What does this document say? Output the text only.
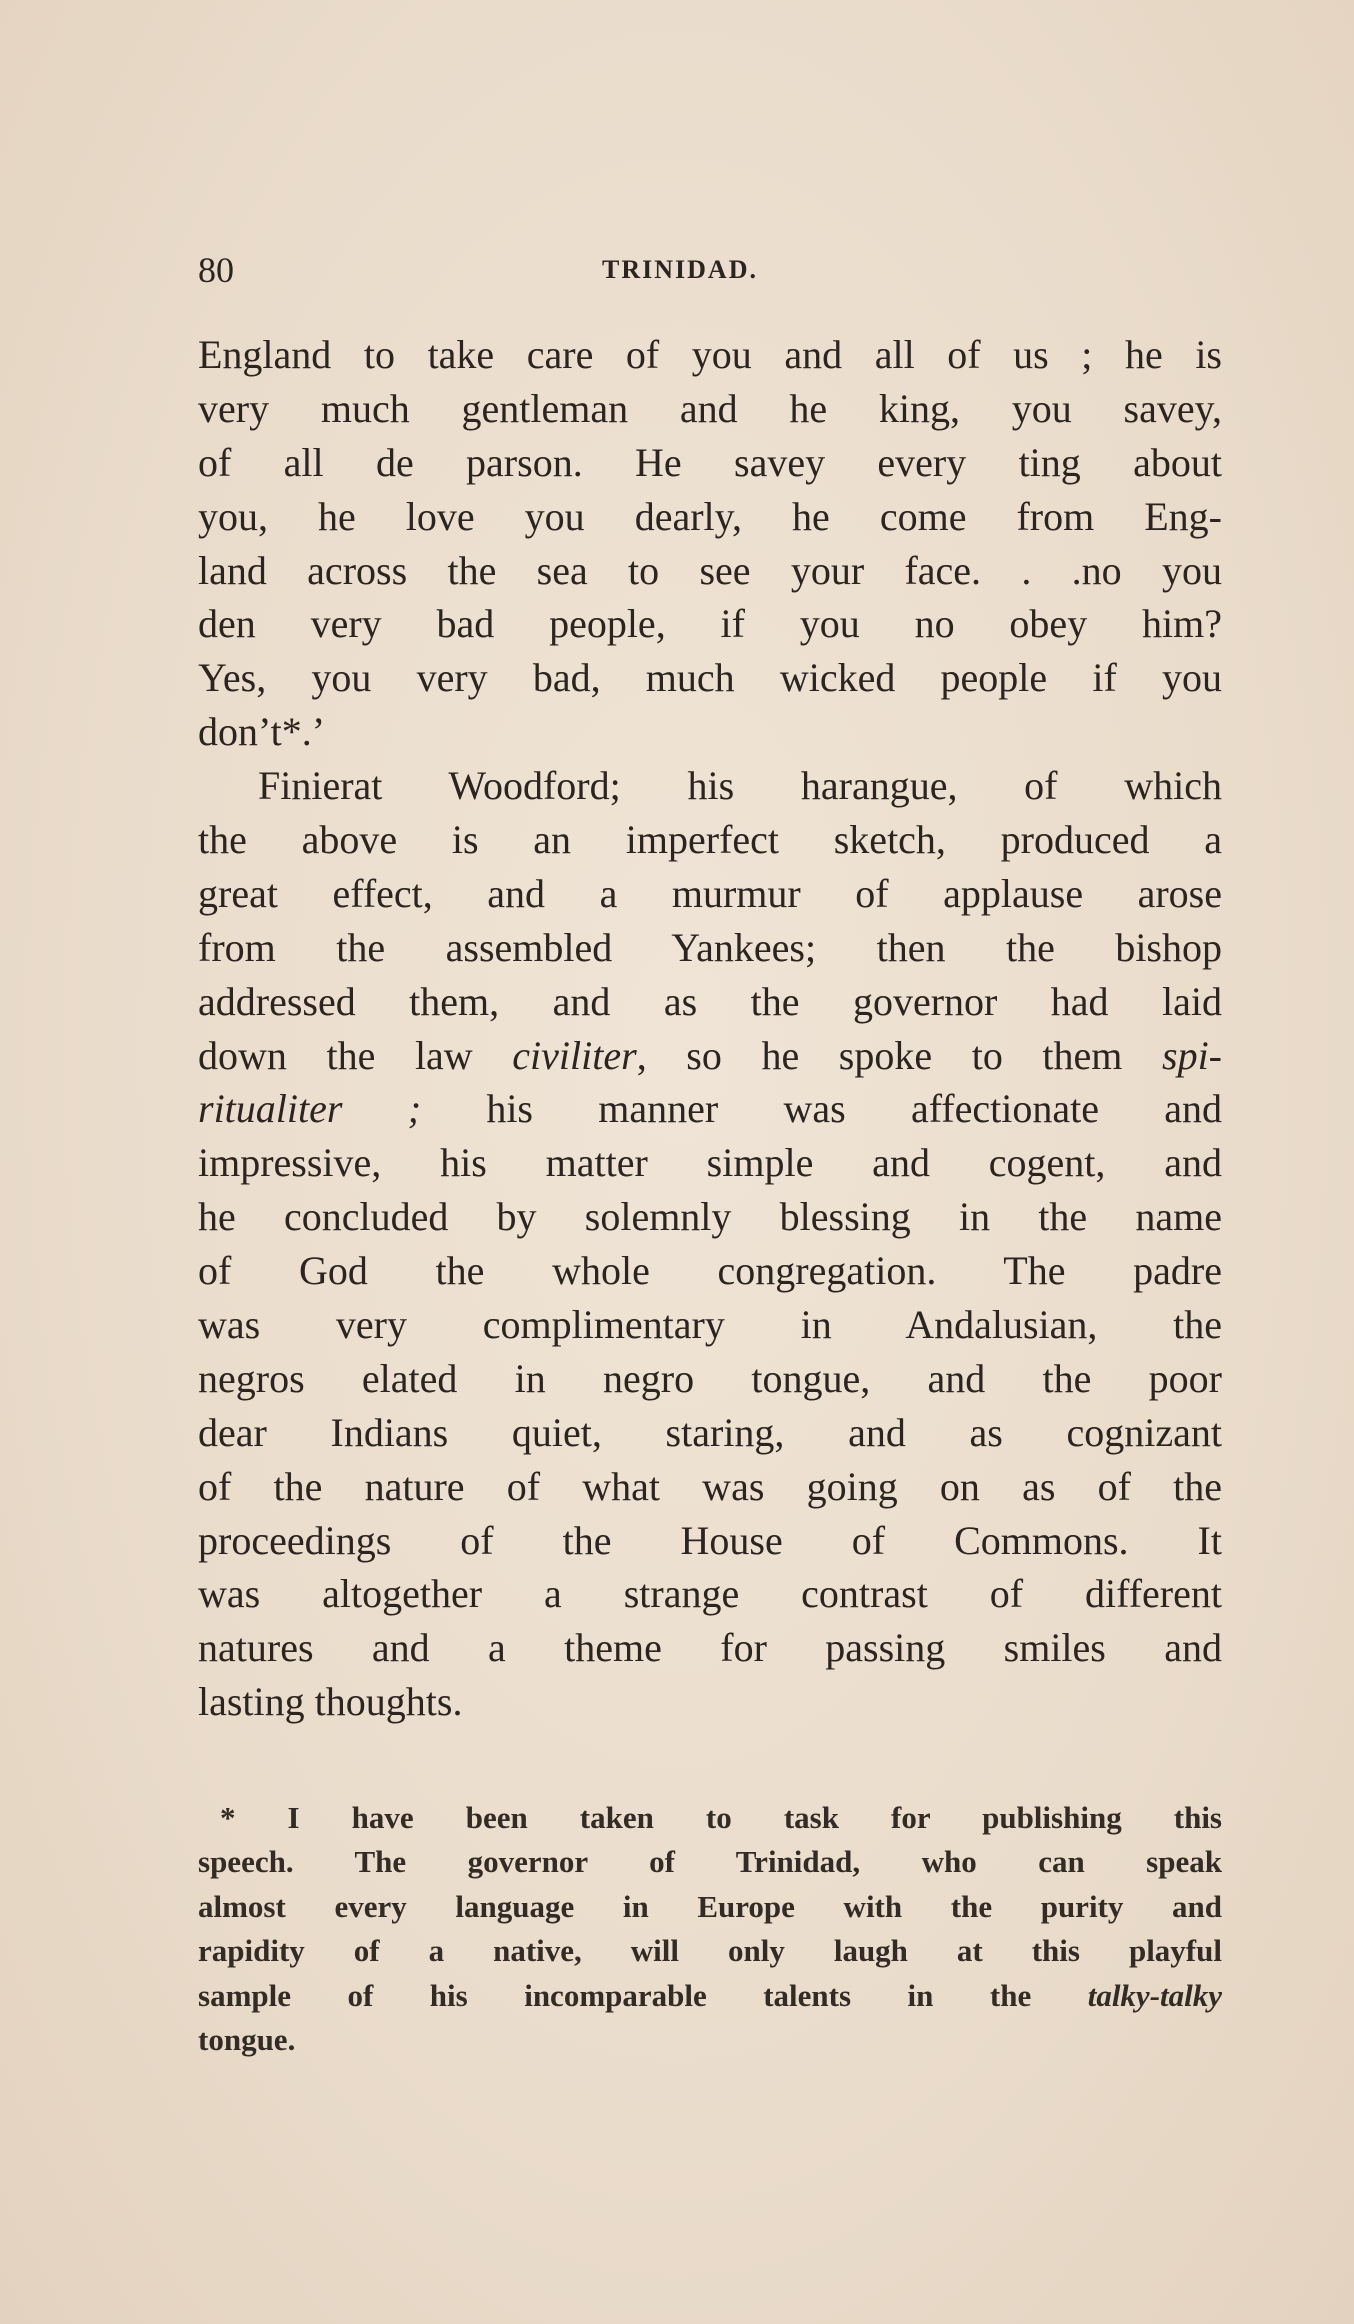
80	TRINIDAD.
England to take care of you and all of us ; he is
very much gentleman and he king, you savey,
of all de parson. He savey every ting about
you, he love you dearly, he come from Eng-
land across the sea to see your face. . .no you
den very bad people, if you no obey him?
Yes, you very bad, much wicked people if you
don’t*.’
Finierat Woodford; his harangue, of which
the above is an imperfect sketch, produced a
great effect, and a murmur of applause arose
from the assembled Yankees; then the bishop
addressed them, and as the governor had laid
down the law civiliter, so he spoke to them spi-
ritualiter ; his manner was affectionate and
impressive, his matter simple and cogent, and
he concluded by solemnly blessing in the name
of God the whole congregation. The padre
was very complimentary in Andalusian, the
negros elated in negro tongue, and the poor
dear Indians quiet, staring, and as cognizant
of the nature of what was going on as of the
proceedings of the House of Commons. It
was altogether a strange contrast of different
natures and a theme for passing smiles and
lasting thoughts.
* I have been taken to task for publishing this
speech. The governor of Trinidad, who can speak
almost every language in Europe with the purity and
rapidity of a native, will only laugh at this playful
sample of his incomparable talents in the talky-talky
tongue.
